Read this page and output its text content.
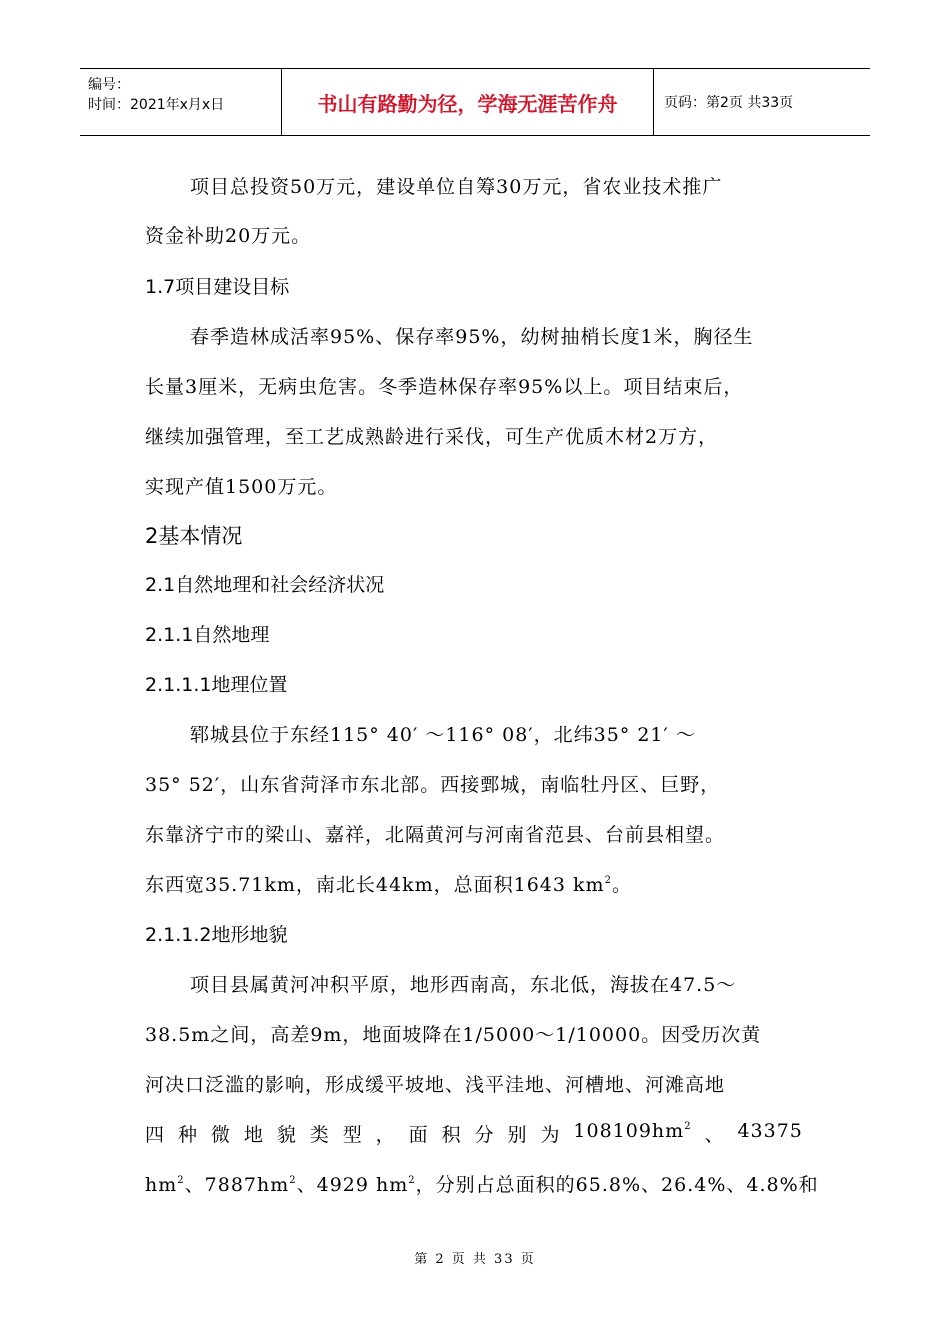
编号：
时间：2021年x月x日	书山有路勤为径，学海无涯苦作舟	页码：第2页 共33页
项目总投资50万元，建设单位自筹30万元，省农业技术推广
资金补助20万元。
1.7项目建设目标
春季造林成活率95%、保存率95%，幼树抽梢长度1米，胸径生
长量3厘米，无病虫危害。冬季造林保存率95%以上。项目结束后，
继续加强管理，至工艺成熟龄进行采伐，可生产优质木材2万方，
实现产值1500万元。
2基本情况
2.1自然地理和社会经济状况
2.1.1自然地理
2.1.1.1地理位置
郓城县位于东经115° 40′ ～116° 08′，北纬35° 21′ ～
35° 52′，山东省菏泽市东北部。西接鄄城，南临牡丹区、巨野，
东靠济宁市的梁山、嘉祥，北隔黄河与河南省范县、台前县相望。
东西宽35.71km，南北长44km，总面积1643 $km^2$。
2.1.1.2地形地貌
项目县属黄河冲积平原，地形西南高，东北低，海拔在47.5～
38.5m之间，高差9m，地面坡降在1/5000～1/10000。因受历次黄
河决口泛滥的影响，形成缓平坡地、浅平洼地、河槽地、河滩高地
四 种 微 地 貌 类 型 ， 面 积 分 别 为 $108109hm^2$ 、 43375
$hm^2$、$7887hm^2$、4929 $hm^2$，分别占总面积的65.8%、26.4%、4.8%和
第 2 页 共 33 页
